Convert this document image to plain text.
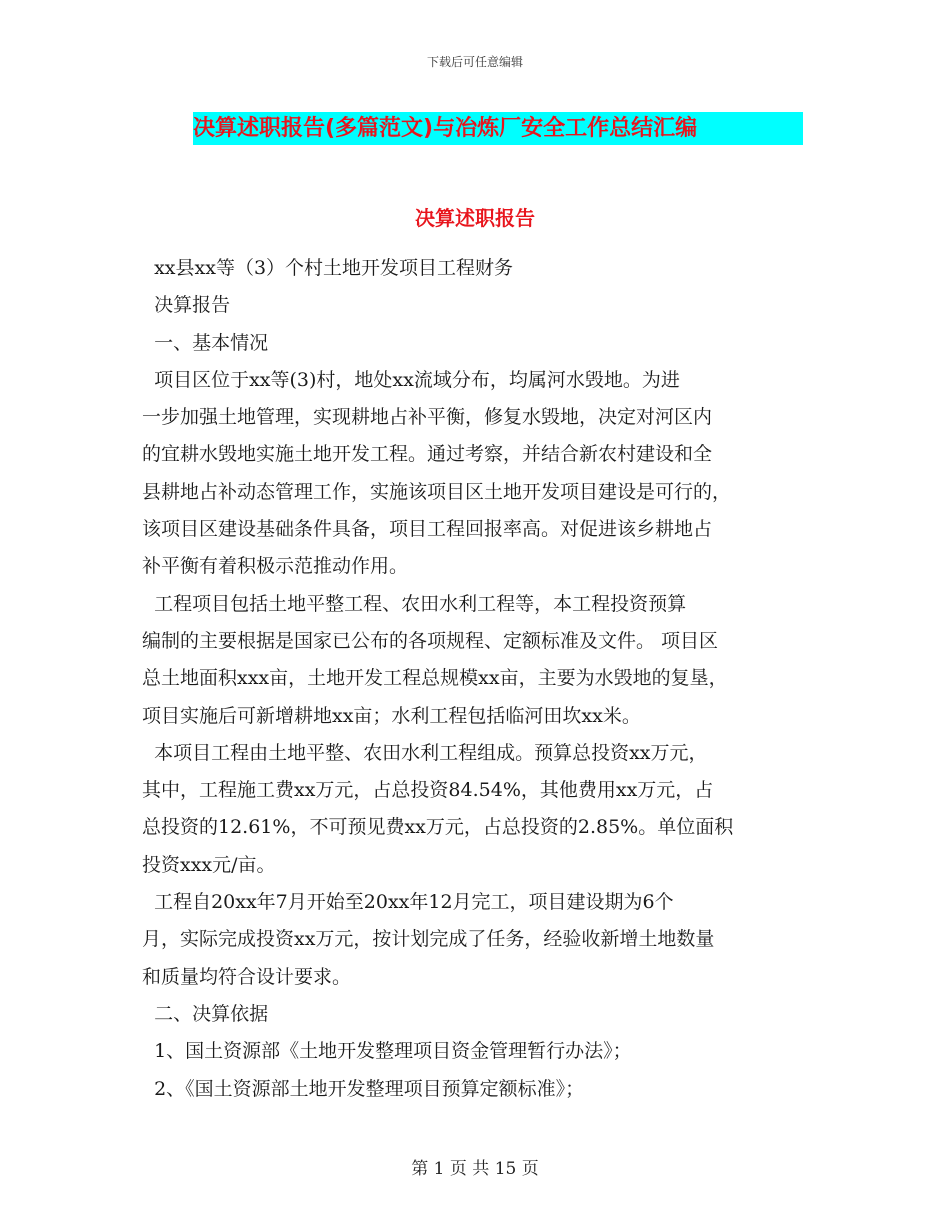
下载后可任意编辑
决算述职报告(多篇范文)与冶炼厂安全工作总结汇编
决算述职报告

xx县xx等（3）个村土地开发项目工程财务

决算报告

一、基本情况

项目区位于xx等(3)村，地处xx流域分布，均属河水毁地。为进

一步加强土地管理，实现耕地占补平衡，修复水毁地，决定对河区内

的宜耕水毁地实施土地开发工程。通过考察，并结合新农村建设和全

县耕地占补动态管理工作，实施该项目区土地开发项目建设是可行的，

该项目区建设基础条件具备，项目工程回报率高。对促进该乡耕地占

补平衡有着积极示范推动作用。

工程项目包括土地平整工程、农田水利工程等，本工程投资预算

编制的主要根据是国家已公布的各项规程、定额标准及文件。 项目区

总土地面积xxx亩，土地开发工程总规模xx亩，主要为水毁地的复垦，

项目实施后可新增耕地xx亩；水利工程包括临河田坎xx米。

本项目工程由土地平整、农田水利工程组成。预算总投资xx万元，

其中，工程施工费xx万元，占总投资84.54%，其他费用xx万元，占

总投资的12.61%，不可预见费xx万元，占总投资的2.85%。单位面积

投资xxx元/亩。

工程自20xx年7月开始至20xx年12月完工，项目建设期为6个

月，实际完成投资xx万元，按计划完成了任务，经验收新增土地数量

和质量均符合设计要求。

二、决算依据

1、国土资源部《土地开发整理项目资金管理暂行办法》；

2、《国土资源部土地开发整理项目预算定额标准》；

第 1 页 共 15 页
